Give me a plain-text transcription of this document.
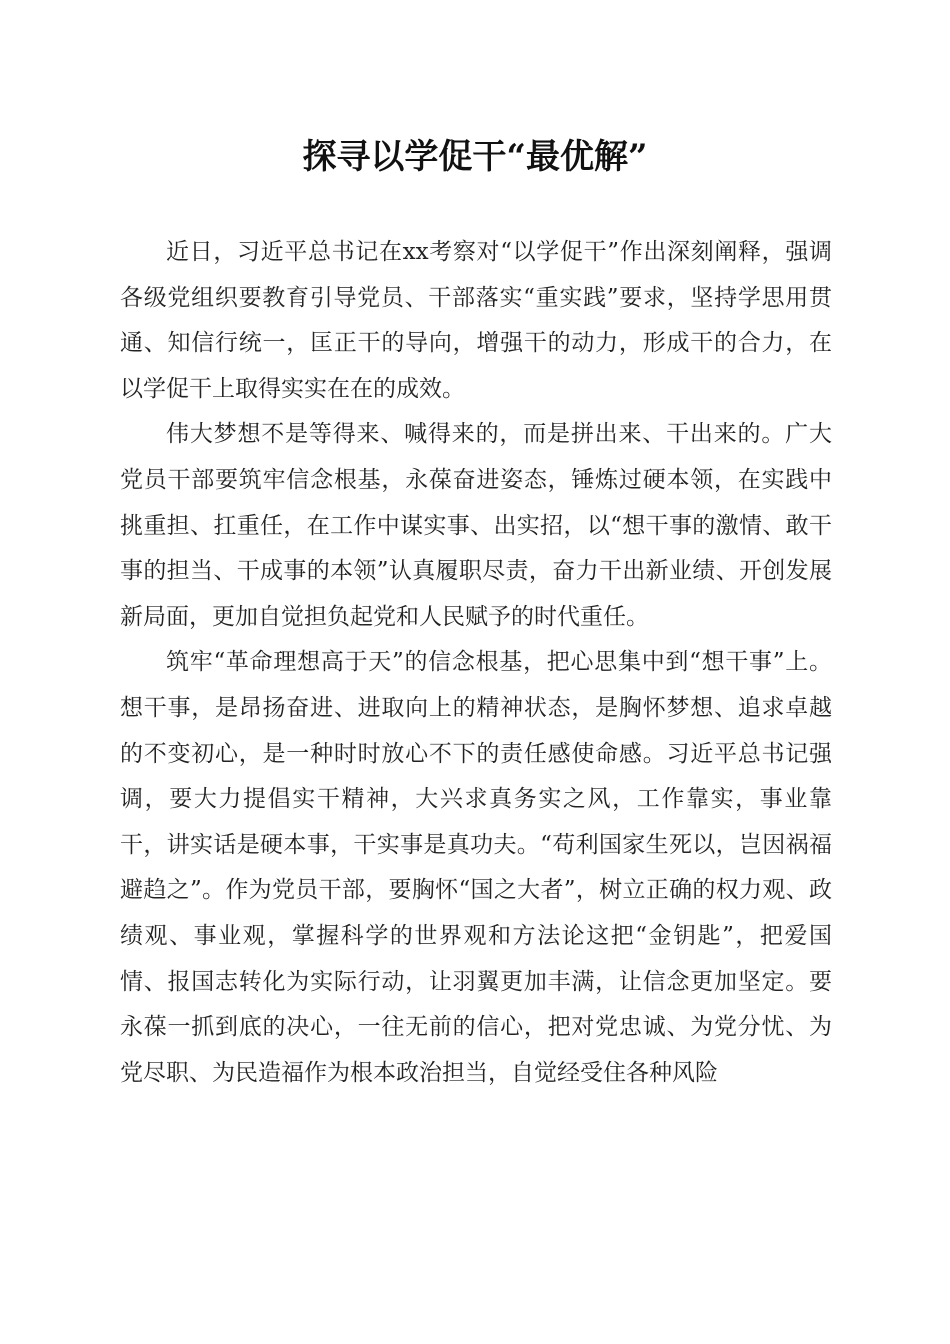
探寻以学促干“最优解”

近日，习近平总书记在xx考察对“以学促干”作出深刻阐释，强调各级党组织要教育引导党员、干部落实“重实践”要求，坚持学思用贯通、知信行统一，匡正干的导向，增强干的动力，形成干的合力，在以学促干上取得实实在在的成效。

伟大梦想不是等得来、喊得来的，而是拼出来、干出来的。广大党员干部要筑牢信念根基，永葆奋进姿态，锤炼过硬本领，在实践中挑重担、扛重任，在工作中谋实事、出实招，以“想干事的激情、敢干事的担当、干成事的本领”认真履职尽责，奋力干出新业绩、开创发展新局面，更加自觉担负起党和人民赋予的时代重任。

筑牢“革命理想高于天”的信念根基，把心思集中到“想干事”上。想干事，是昂扬奋进、进取向上的精神状态，是胸怀梦想、追求卓越的不变初心，是一种时时放心不下的责任感使命感。习近平总书记强调，要大力提倡实干精神，大兴求真务实之风，工作靠实，事业靠干，讲实话是硬本事，干实事是真功夫。“苟利国家生死以，岂因祸福避趋之”。作为党员干部，要胸怀“国之大者”，树立正确的权力观、政绩观、事业观，掌握科学的世界观和方法论这把“金钥匙”，把爱国情、报国志转化为实际行动，让羽翼更加丰满，让信念更加坚定。要永葆一抓到底的决心，一往无前的信心，把对党忠诚、为党分忧、为党尽职、为民造福作为根本政治担当，自觉经受住各种风险
